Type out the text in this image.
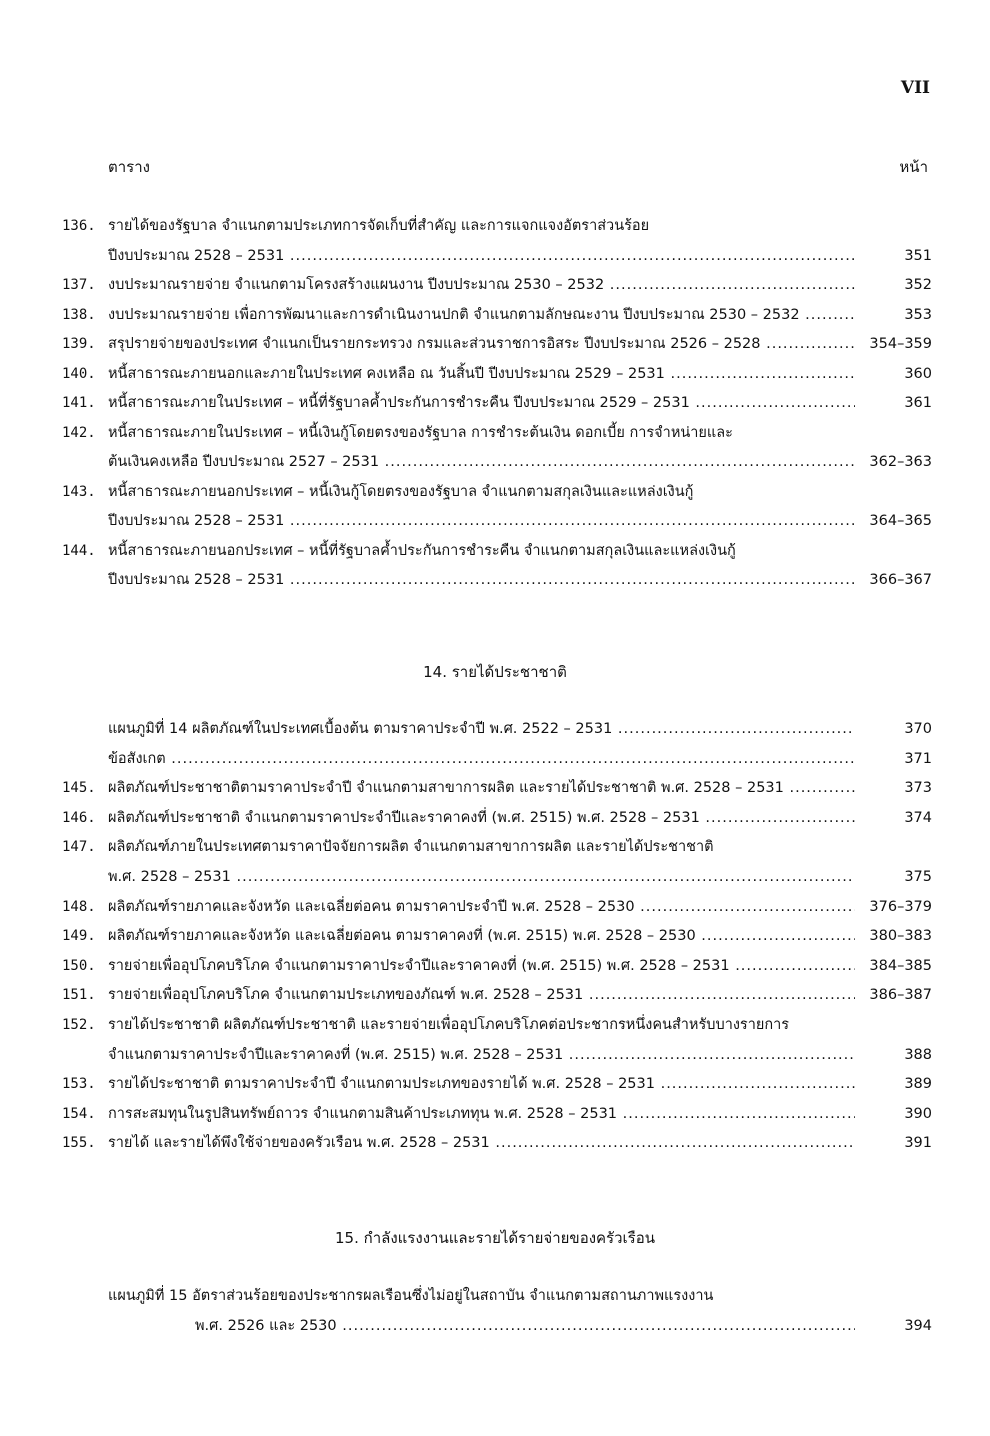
VII
ตาราง	หน้า
136. รายได้ของรัฐบาล จำแนกตามประเภทการจัดเก็บที่สำคัญ และการแจกแจงอัตราส่วนร้อย
ปีงบประมาณ 2528 – 2531 .....	351
137. งบประมาณรายจ่าย จำแนกตามโครงสร้างแผนงาน ปีงบประมาณ 2530 – 2532 .....	352
138. งบประมาณรายจ่าย เพื่อการพัฒนาและการดำเนินงานปกติ จำแนกตามลักษณะงาน ปีงบประมาณ 2530 – 2532 .....	353
139. สรุปรายจ่ายของประเทศ จำแนกเป็นรายกระทรวง กรมและส่วนราชการอิสระ ปีงบประมาณ 2526 – 2528 .....	354–359
140. หนี้สาธารณะภายนอกและภายในประเทศ คงเหลือ ณ วันสิ้นปี ปีงบประมาณ 2529 – 2531 .....	360
141. หนี้สาธารณะภายในประเทศ – หนี้ที่รัฐบาลค้ำประกันการชำระคืน ปีงบประมาณ 2529 – 2531 .....	361
142. หนี้สาธารณะภายในประเทศ – หนี้เงินกู้โดยตรงของรัฐบาล การชำระต้นเงิน ดอกเบี้ย การจำหน่ายและ
ต้นเงินคงเหลือ ปีงบประมาณ 2527 – 2531 .....	362–363
143. หนี้สาธารณะภายนอกประเทศ – หนี้เงินกู้โดยตรงของรัฐบาล จำแนกตามสกุลเงินและแหล่งเงินกู้
ปีงบประมาณ 2528 – 2531 .....	364–365
144. หนี้สาธารณะภายนอกประเทศ – หนี้ที่รัฐบาลค้ำประกันการชำระคืน จำแนกตามสกุลเงินและแหล่งเงินกู้
ปีงบประมาณ 2528 – 2531 .....	366–367
14. รายได้ประชาชาติ
แผนภูมิที่ 14 ผลิตภัณฑ์ในประเทศเบื้องต้น ตามราคาประจำปี พ.ศ. 2522 – 2531 .....	370
ข้อสังเกต .....	371
145. ผลิตภัณฑ์ประชาชาติตามราคาประจำปี จำแนกตามสาขาการผลิต และรายได้ประชาชาติ พ.ศ. 2528 – 2531 .....	373
146. ผลิตภัณฑ์ประชาชาติ จำแนกตามราคาประจำปีและราคาคงที่ (พ.ศ. 2515) พ.ศ. 2528 – 2531 .....	374
147. ผลิตภัณฑ์ภายในประเทศตามราคาปัจจัยการผลิต จำแนกตามสาขาการผลิต และรายได้ประชาชาติ
พ.ศ. 2528 – 2531 .....	375
148. ผลิตภัณฑ์รายภาคและจังหวัด และเฉลี่ยต่อคน ตามราคาประจำปี พ.ศ. 2528 – 2530 .....	376–379
149. ผลิตภัณฑ์รายภาคและจังหวัด และเฉลี่ยต่อคน ตามราคาคงที่ (พ.ศ. 2515) พ.ศ. 2528 – 2530 .....	380–383
150. รายจ่ายเพื่ออุปโภคบริโภค จำแนกตามราคาประจำปีและราคาคงที่ (พ.ศ. 2515) พ.ศ. 2528 – 2531 .....	384–385
151. รายจ่ายเพื่ออุปโภคบริโภค จำแนกตามประเภทของภัณฑ์ พ.ศ. 2528 – 2531 .....	386–387
152. รายได้ประชาชาติ ผลิตภัณฑ์ประชาชาติ และรายจ่ายเพื่ออุปโภคบริโภคต่อประชากรหนึ่งคนสำหรับบางรายการ
จำแนกตามราคาประจำปีและราคาคงที่ (พ.ศ. 2515) พ.ศ. 2528 – 2531 .....	388
153. รายได้ประชาชาติ ตามราคาประจำปี จำแนกตามประเภทของรายได้ พ.ศ. 2528 – 2531 .....	389
154. การสะสมทุนในรูปสินทรัพย์ถาวร จำแนกตามสินค้าประเภททุน พ.ศ. 2528 – 2531 .....	390
155. รายได้ และรายได้พึงใช้จ่ายของครัวเรือน พ.ศ. 2528 – 2531 .....	391
15. กำลังแรงงานและรายได้รายจ่ายของครัวเรือน
แผนภูมิที่ 15 อัตราส่วนร้อยของประชากรผลเรือนซึ่งไม่อยู่ในสถาบัน จำแนกตามสถานภาพแรงงาน
พ.ศ. 2526 และ 2530 .....	394
